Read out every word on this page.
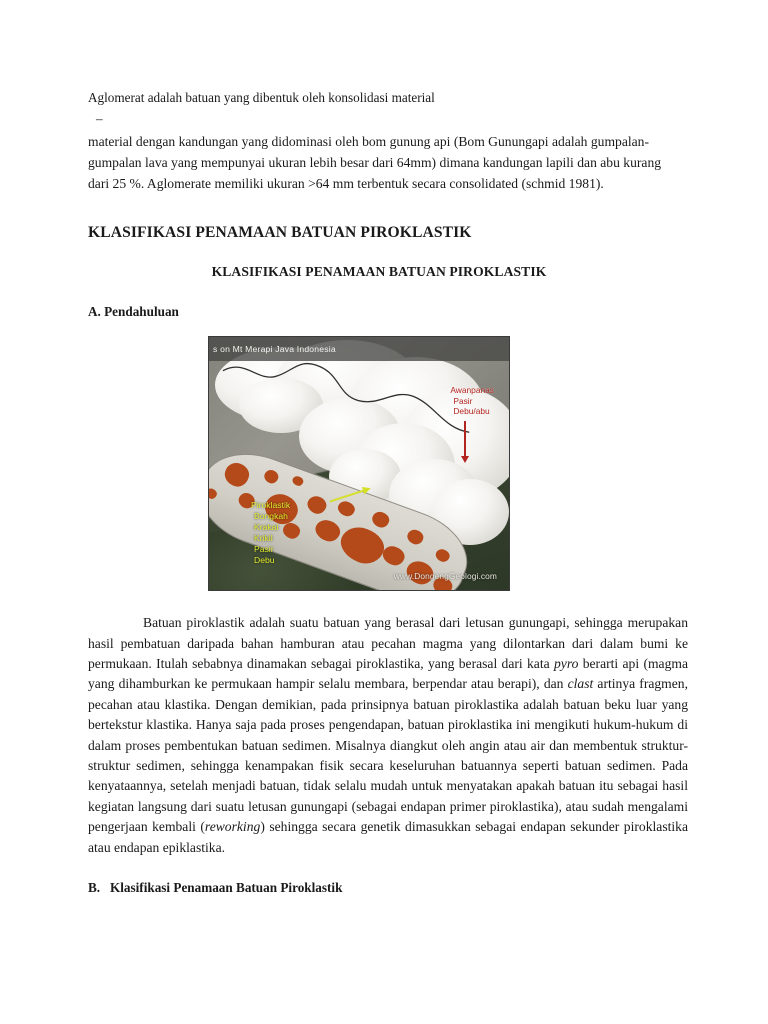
Aglomerat adalah batuan yang dibentuk oleh konsolidasi material

–

material dengan kandungan yang didominasi oleh bom gunung api (Bom Gunungapi adalah gumpalan-gumpalan lava yang mempunyai ukuran lebih besar dari 64mm) dimana kandungan lapili dan abu kurang dari 25 %. Aglomerate memiliki ukuran >64 mm terbentuk secara consolidated (schmid 1981).

KLASIFIKASI PENAMAAN BATUAN PIROKLASTIK
KLASIFIKASI PENAMAAN BATUAN PIROKLASTIK
A. Pendahuluan
s on Mt Merapi Java Indonesia
Awanpanas
Pasir
Debu/abu
Piroklastik
Bongkah
Krakal
Krikil
Pasir
Debu
www.DongengGeologi.com

Batuan piroklastik adalah suatu batuan yang berasal dari letusan gunungapi, sehingga merupakan hasil pembatuan daripada bahan hamburan atau pecahan magma yang dilontarkan dari dalam bumi ke permukaan. Itulah sebabnya dinamakan sebagai piroklastika, yang berasal dari kata pyro berarti api (magma yang dihamburkan ke permukaan hampir selalu membara, berpendar atau berapi), dan clast artinya fragmen, pecahan atau klastika. Dengan demikian, pada prinsipnya batuan piroklastika adalah batuan beku luar yang bertekstur klastika. Hanya saja pada proses pengendapan, batuan piroklastika ini mengikuti hukum-hukum di dalam proses pembentukan batuan sedimen. Misalnya diangkut oleh angin atau air dan membentuk struktur-struktur sedimen, sehingga kenampakan fisik secara keseluruhan batuannya seperti batuan sedimen. Pada kenyataannya, setelah menjadi batuan, tidak selalu mudah untuk menyatakan apakah batuan itu sebagai hasil kegiatan langsung dari suatu letusan gunungapi (sebagai endapan primer piroklastika), atau sudah mengalami pengerjaan kembali (reworking) sehingga secara genetik dimasukkan sebagai endapan sekunder piroklastika atau endapan epiklastika.

B. Klasifikasi Penamaan Batuan Piroklastik
